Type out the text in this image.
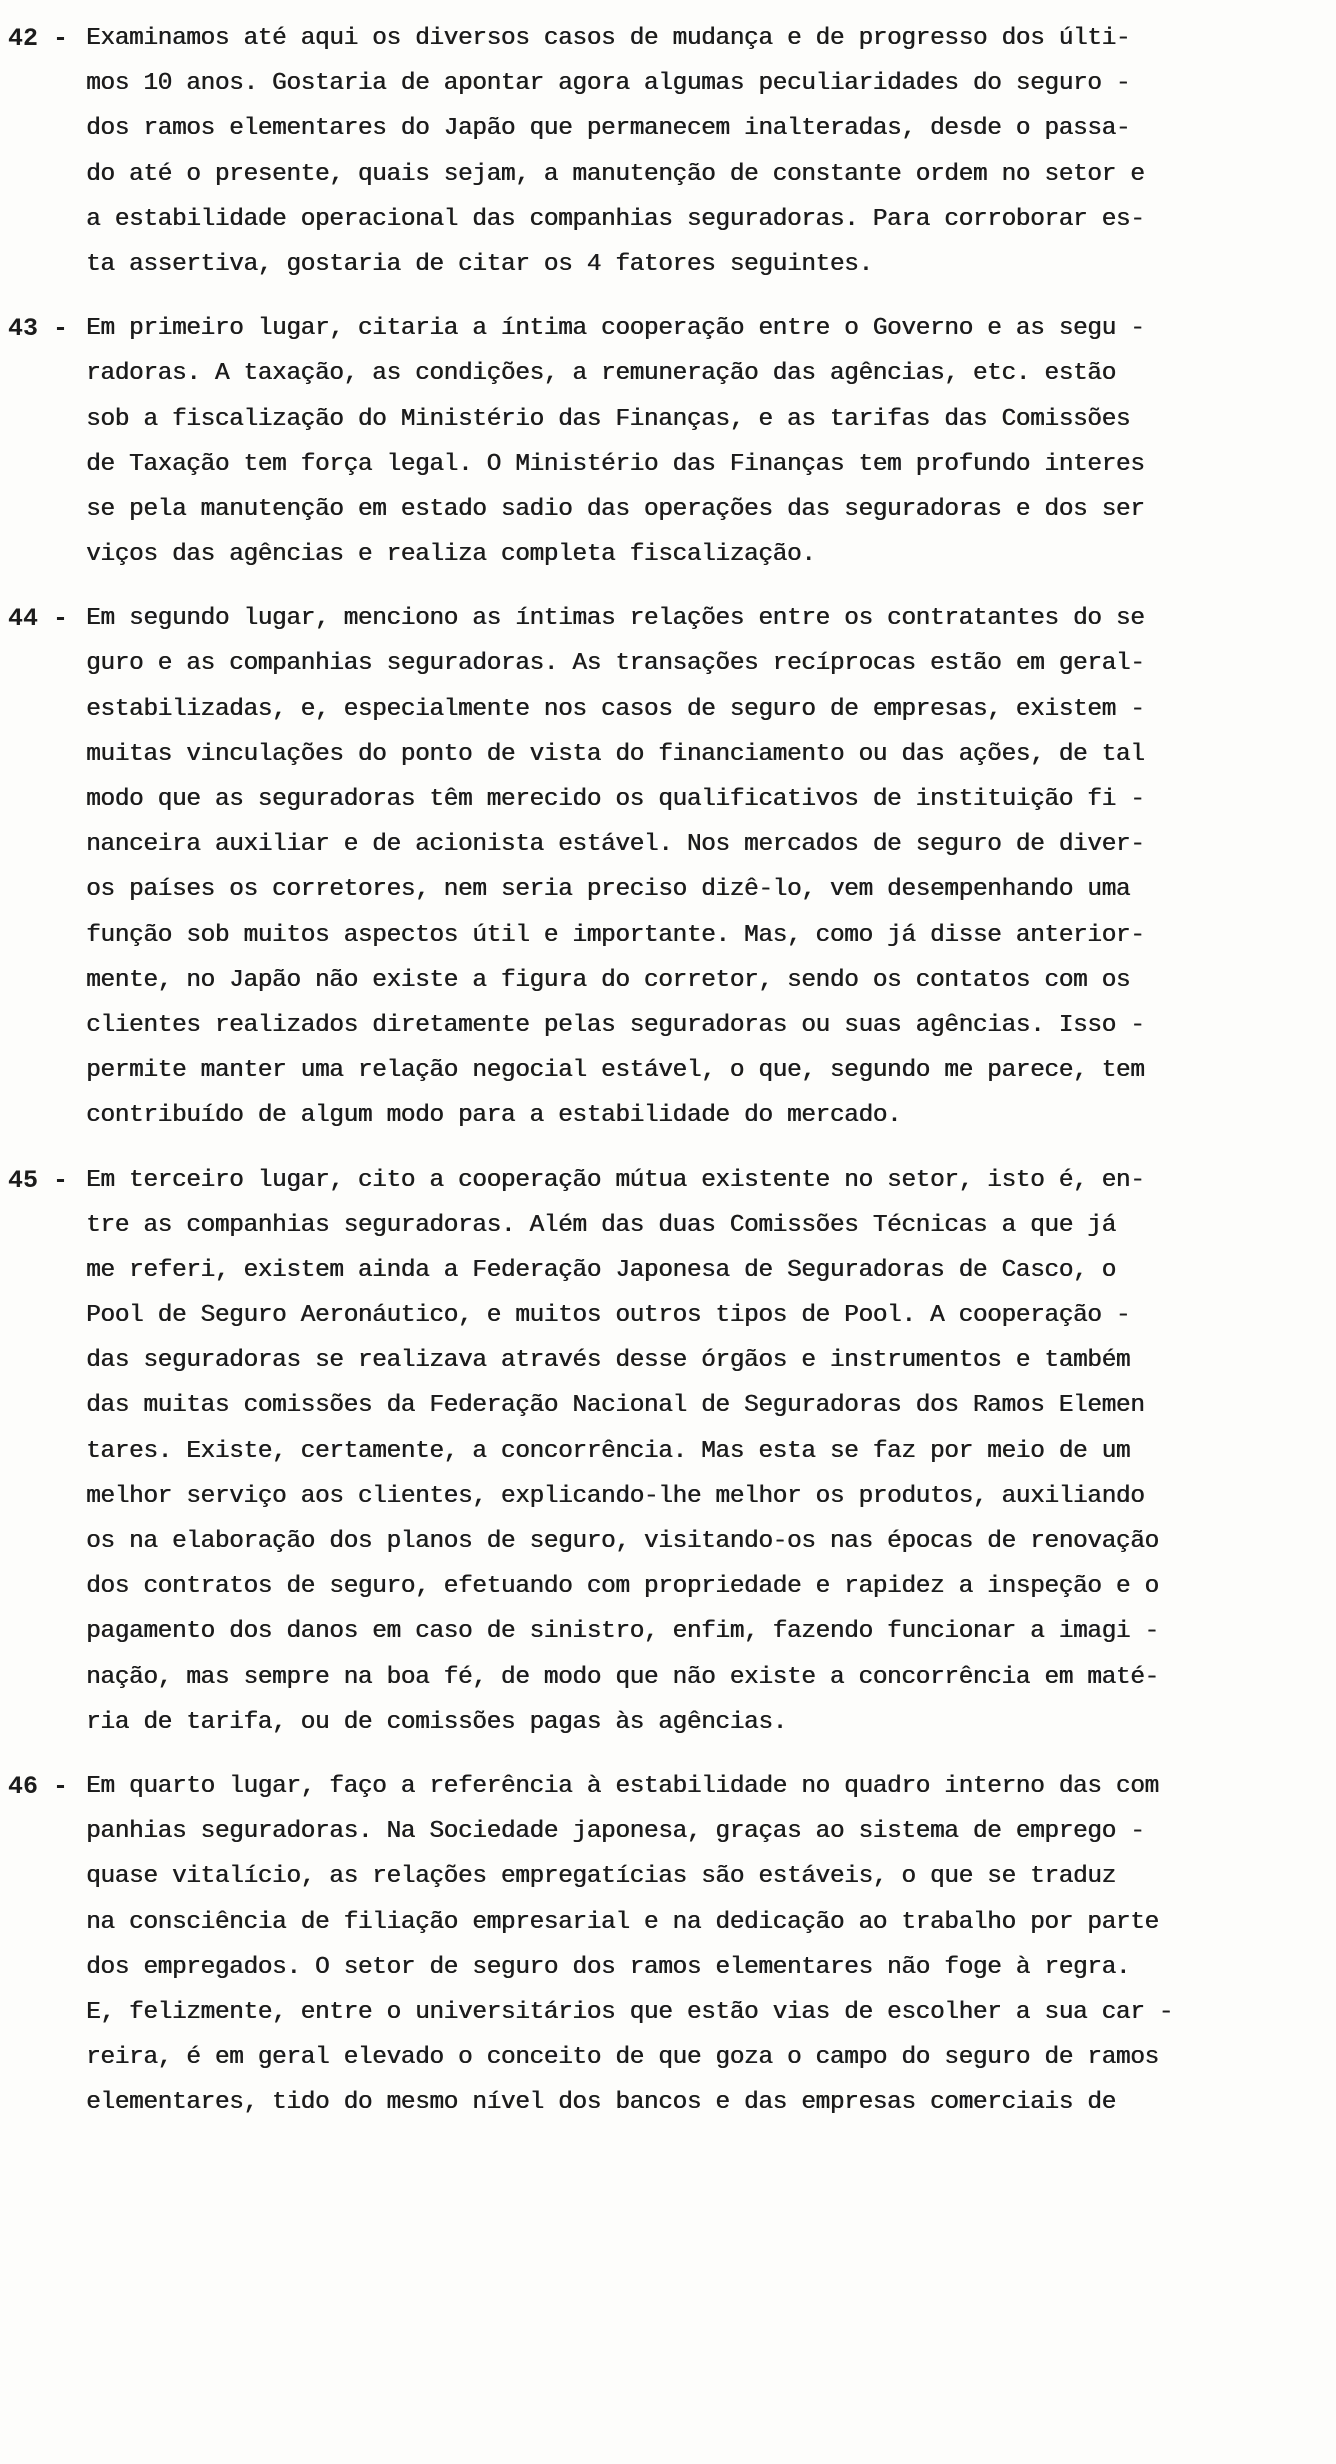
42 - Examinamos até aqui os diversos casos de mudança e de progresso dos últi-
mos 10 anos. Gostaria de apontar agora algumas peculiaridades do seguro -
dos ramos elementares do Japão que permanecem inalteradas, desde o passa-
do até o presente, quais sejam, a manutenção de constante ordem no setor e
a estabilidade operacional das companhias seguradoras. Para corroborar es-
ta assertiva, gostaria de citar os 4 fatores seguintes.
43 - Em primeiro lugar, citaria a íntima cooperação entre o Governo e as segu -
radoras. A taxação, as condições, a remuneração das agências, etc. estão
sob a fiscalização do Ministério das Finanças, e as tarifas das Comissões
de Taxação tem força legal. O Ministério das Finanças tem profundo interes
se pela manutenção em estado sadio das operações das seguradoras e dos ser
viços das agências e realiza completa fiscalização.
44 - Em segundo lugar, menciono as íntimas relações entre os contratantes do se
guro e as companhias seguradoras. As transações recíprocas estão em geral-
estabilizadas, e, especialmente nos casos de seguro de empresas, existem -
muitas vinculações do ponto de vista do financiamento ou das ações, de tal
modo que as seguradoras têm merecido os qualificativos de instituição fi -
nanceira auxiliar e de acionista estável. Nos mercados de seguro de diver-
os países os corretores, nem seria preciso dizê-lo, vem desempenhando uma
função sob muitos aspectos útil e importante. Mas, como já disse anterior-
mente, no Japão não existe a figura do corretor, sendo os contatos com os
clientes realizados diretamente pelas seguradoras ou suas agências. Isso -
permite manter uma relação negocial estável, o que, segundo me parece, tem
contribuído de algum modo para a estabilidade do mercado.
45 - Em terceiro lugar, cito a cooperação mútua existente no setor, isto é, en-
tre as companhias seguradoras. Além das duas Comissões Técnicas a que já
me referi, existem ainda a Federação Japonesa de Seguradoras de Casco, o
Pool de Seguro Aeronáutico, e muitos outros tipos de Pool. A cooperação -
das seguradoras se realizava através desse órgãos e instrumentos e também
das muitas comissões da Federação Nacional de Seguradoras dos Ramos Elemen
tares. Existe, certamente, a concorrência. Mas esta se faz por meio de um
melhor serviço aos clientes, explicando-lhe melhor os produtos, auxiliando
os na elaboração dos planos de seguro, visitando-os nas épocas de renovação
dos contratos de seguro, efetuando com propriedade e rapidez a inspeção e o
pagamento dos danos em caso de sinistro, enfim, fazendo funcionar a imagi -
nação, mas sempre na boa fé, de modo que não existe a concorrência em maté-
ria de tarifa, ou de comissões pagas às agências.
46 - Em quarto lugar, faço a referência à estabilidade no quadro interno das com
panhias seguradoras. Na Sociedade japonesa, graças ao sistema de emprego -
quase vitalício, as relações empregatícias são estáveis, o que se traduz
na consciência de filiação empresarial e na dedicação ao trabalho por parte
dos empregados. O setor de seguro dos ramos elementares não foge à regra.
E, felizmente, entre o universitários que estão vias de escolher a sua car -
reira, é em geral elevado o conceito de que goza o campo do seguro de ramos
elementares, tido do mesmo nível dos bancos e das empresas comerciais de
